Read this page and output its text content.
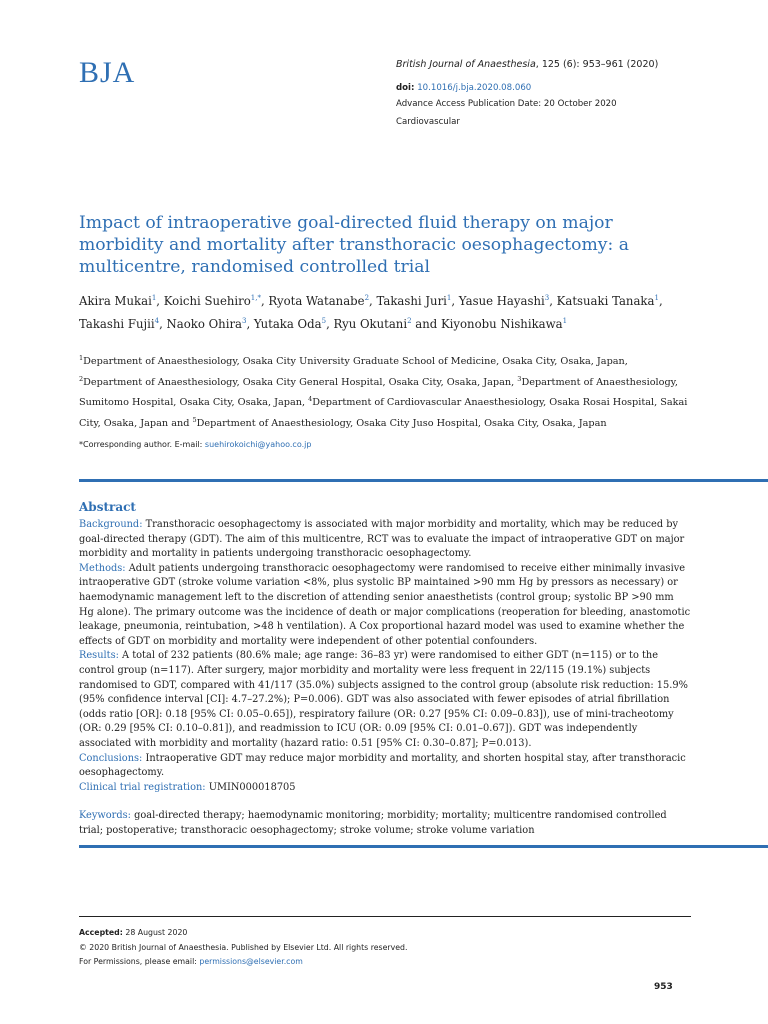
BJA	British Journal of Anaesthesia, 125 (6): 953–961 (2020)
doi: 10.1016/j.bja.2020.08.060
Advance Access Publication Date: 20 October 2020
Cardiovascular
Impact of intraoperative goal-directed fluid therapy on major morbidity and mortality after transthoracic oesophagectomy: a multicentre, randomised controlled trial
Akira Mukai$^1$, Koichi Suehiro$^{1,*}$, Ryota Watanabe$^2$, Takashi Juri$^1$, Yasue Hayashi$^3$, Katsuaki Tanaka$^1$, Takashi Fujii$^4$, Naoko Ohira$^3$, Yutaka Oda$^5$, Ryu Okutani$^2$ and Kiyonobu Nishikawa$^1$
$^1$Department of Anaesthesiology, Osaka City University Graduate School of Medicine, Osaka City, Osaka, Japan, $^2$Department of Anaesthesiology, Osaka City General Hospital, Osaka City, Osaka, Japan, $^3$Department of Anaesthesiology, Sumitomo Hospital, Osaka City, Osaka, Japan, $^4$Department of Cardiovascular Anaesthesiology, Osaka Rosai Hospital, Sakai City, Osaka, Japan and $^5$Department of Anaesthesiology, Osaka City Juso Hospital, Osaka City, Osaka, Japan
*Corresponding author. E-mail: suehirokoichi@yahoo.co.jp
Abstract

Background: Transthoracic oesophagectomy is associated with major morbidity and mortality, which may be reduced by goal-directed therapy (GDT). The aim of this multicentre, RCT was to evaluate the impact of intraoperative GDT on major morbidity and mortality in patients undergoing transthoracic oesophagectomy.

Methods: Adult patients undergoing transthoracic oesophagectomy were randomised to receive either minimally invasive intraoperative GDT (stroke volume variation <8%, plus systolic BP maintained >90 mm Hg by pressors as necessary) or haemodynamic management left to the discretion of attending senior anaesthetists (control group; systolic BP >90 mm Hg alone). The primary outcome was the incidence of death or major complications (reoperation for bleeding, anastomotic leakage, pneumonia, reintubation, >48 h ventilation). A Cox proportional hazard model was used to examine whether the effects of GDT on morbidity and mortality were independent of other potential confounders.

Results: A total of 232 patients (80.6% male; age range: 36–83 yr) were randomised to either GDT (n=115) or to the control group (n=117). After surgery, major morbidity and mortality were less frequent in 22/115 (19.1%) subjects randomised to GDT, compared with 41/117 (35.0%) subjects assigned to the control group (absolute risk reduction: 15.9% (95% confidence interval [CI]: 4.7–27.2%); P=0.006). GDT was also associated with fewer episodes of atrial fibrillation (odds ratio [OR]: 0.18 [95% CI: 0.05–0.65]), respiratory failure (OR: 0.27 [95% CI: 0.09–0.83]), use of mini-tracheotomy (OR: 0.29 [95% CI: 0.10–0.81]), and readmission to ICU (OR: 0.09 [95% CI: 0.01–0.67]). GDT was independently associated with morbidity and mortality (hazard ratio: 0.51 [95% CI: 0.30–0.87]; P=0.013).

Conclusions: Intraoperative GDT may reduce major morbidity and mortality, and shorten hospital stay, after transthoracic oesophagectomy.

Clinical trial registration: UMIN000018705

Keywords: goal-directed therapy; haemodynamic monitoring; morbidity; mortality; multicentre randomised controlled trial; postoperative; transthoracic oesophagectomy; stroke volume; stroke volume variation

Accepted: 28 August 2020
© 2020 British Journal of Anaesthesia. Published by Elsevier Ltd. All rights reserved.
For Permissions, please email: permissions@elsevier.com
953
